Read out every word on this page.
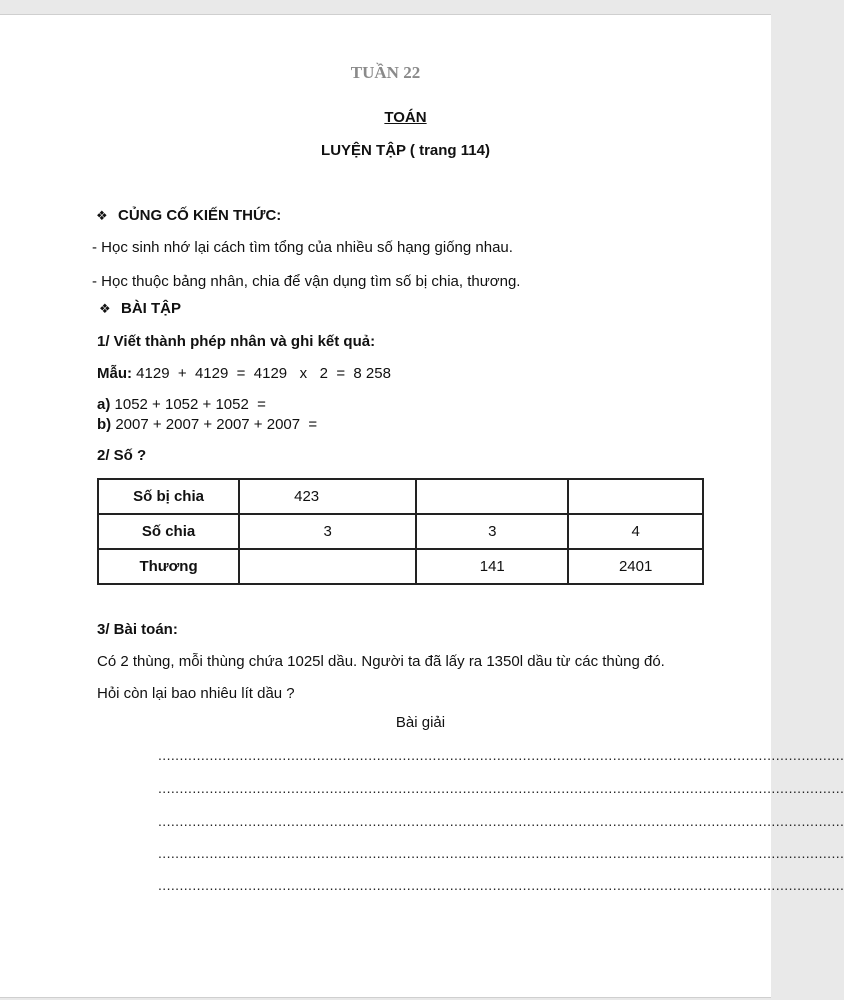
TUẦN 22
TOÁN
LUYỆN TẬP ( trang 114)
❖ CỦNG CỐ KIẾN THỨC:
- Học sinh nhớ lại cách tìm tổng của nhiều số hạng giống nhau.
- Học thuộc bảng nhân, chia để vận dụng tìm số bị chia, thương.
❖ BÀI TẬP
1/ Viết thành phép nhân và ghi kết quả:
Mẫu: 4129  +  4129  =  4129   x   2  =  8 258
a) 1052 + 1052 + 1052  =
b) 2007 + 2007 + 2007 + 2007  =
2/ Số ?
Số bị chia	423		
Số chia	3	3	4
Thương		141	2401
3/ Bài toán:
Có 2 thùng, mỗi thùng chứa 1025l dầu. Người ta đã lấy ra 1350l dầu từ các thùng đó.
Hỏi còn lại bao nhiêu lít dầu ?
Bài giải
................................................................................................................................................................
................................................................................................................................................................
................................................................................................................................................................
................................................................................................................................................................
................................................................................................................................................................
